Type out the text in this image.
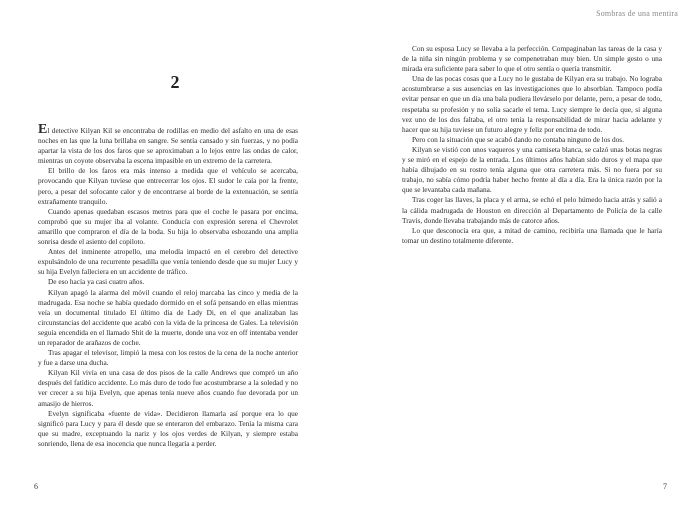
2

El detective Kilyan Kil se encontraba de rodillas en medio del asfalto en una de esas noches en las que la luna brillaba en sangre. Se sentía cansado y sin fuerzas, y no podía apartar la vista de los dos faros que se aproximaban a lo lejos entre las ondas de calor, mientras un coyote observaba la escena impasible en un extremo de la carretera.

El brillo de los faros era más intenso a medida que el vehículo se acercaba, provocando que Kilyan tuviese que entrecerrar los ojos. El sudor le caía por la frente, pero, a pesar del sofocante calor y de encontrarse al borde de la extenuación, se sentía extrañamente tranquilo.

Cuando apenas quedaban escasos metros para que el coche le pasara por encima, comprobó que su mujer iba al volante. Conducía con expresión serena el Chevrolet amarillo que compraron el día de la boda. Su hija lo observaba esbozando una amplia sonrisa desde el asiento del copiloto.

Antes del inminente atropello, una melodía impactó en el cerebro del detective expulsándolo de una recurrente pesadilla que venía teniendo desde que su mujer Lucy y su hija Evelyn falleciera en un accidente de tráfico.

De eso hacía ya casi cuatro años.

Kilyan apagó la alarma del móvil cuando el reloj marcaba las cinco y media de la madrugada. Esa noche se había quedado dormido en el sofá pensando en ellas mientras veía un documental titulado El último día de Lady Di, en el que analizaban las circunstancias del accidente que acabó con la vida de la princesa de Gales. La televisión seguía encendida en el llamado Shit de la muerte, donde una voz en off intentaba vender un reparador de arañazos de coche.

Tras apagar el televisor, limpió la mesa con los restos de la cena de la noche anterior y fue a darse una ducha.

Kilyan Kil vivía en una casa de dos pisos de la calle Andrews que compró un año después del fatídico accidente. Lo más duro de todo fue acostumbrarse a la soledad y no ver crecer a su hija Evelyn, que apenas tenía nueve años cuando fue devorada por un amasijo de hierros.

Evelyn significaba «fuente de vida». Decidieron llamarla así porque era lo que significó para Lucy y para él desde que se enteraron del embarazo. Tenía la misma cara que su madre, exceptuando la nariz y los ojos verdes de Kilyan, y siempre estaba sonriendo, llena de esa inocencia que nunca llegaría a perder.

6
Sombras de una mentira

Con su esposa Lucy se llevaba a la perfección. Compaginaban las tareas de la casa y de la niña sin ningún problema y se compenetraban muy bien. Un simple gesto o una mirada era suficiente para saber lo que el otro sentía o quería transmitir.

Una de las pocas cosas que a Lucy no le gustaba de Kilyan era su trabajo. No lograba acostumbrarse a sus ausencias en las investigaciones que lo absorbían. Tampoco podía evitar pensar en que un día una bala pudiera llevárselo por delante, pero, a pesar de todo, respetaba su profesión y no solía sacarle el tema. Lucy siempre le decía que, si alguna vez uno de los dos faltaba, el otro tenía la responsabilidad de mirar hacia adelante y hacer que su hija tuviese un futuro alegre y feliz por encima de todo.

Pero con la situación que se acabó dando no contaba ninguno de los dos.

Kilyan se vistió con unos vaqueros y una camiseta blanca, se calzó unas botas negras y se miró en el espejo de la entrada. Los últimos años habían sido duros y el mapa que había dibujado en su rostro tenía alguna que otra carretera más. Si no fuera por su trabajo, no sabía cómo podría haber hecho frente al día a día. Era la única razón por la que se levantaba cada mañana.

Tras coger las llaves, la placa y el arma, se echó el pelo húmedo hacia atrás y salió a la cálida madrugada de Houston en dirección al Departamento de Policía de la calle Travis, donde llevaba trabajando más de catorce años.

Lo que desconocía era que, a mitad de camino, recibiría una llamada que le haría tomar un destino totalmente diferente.

7
